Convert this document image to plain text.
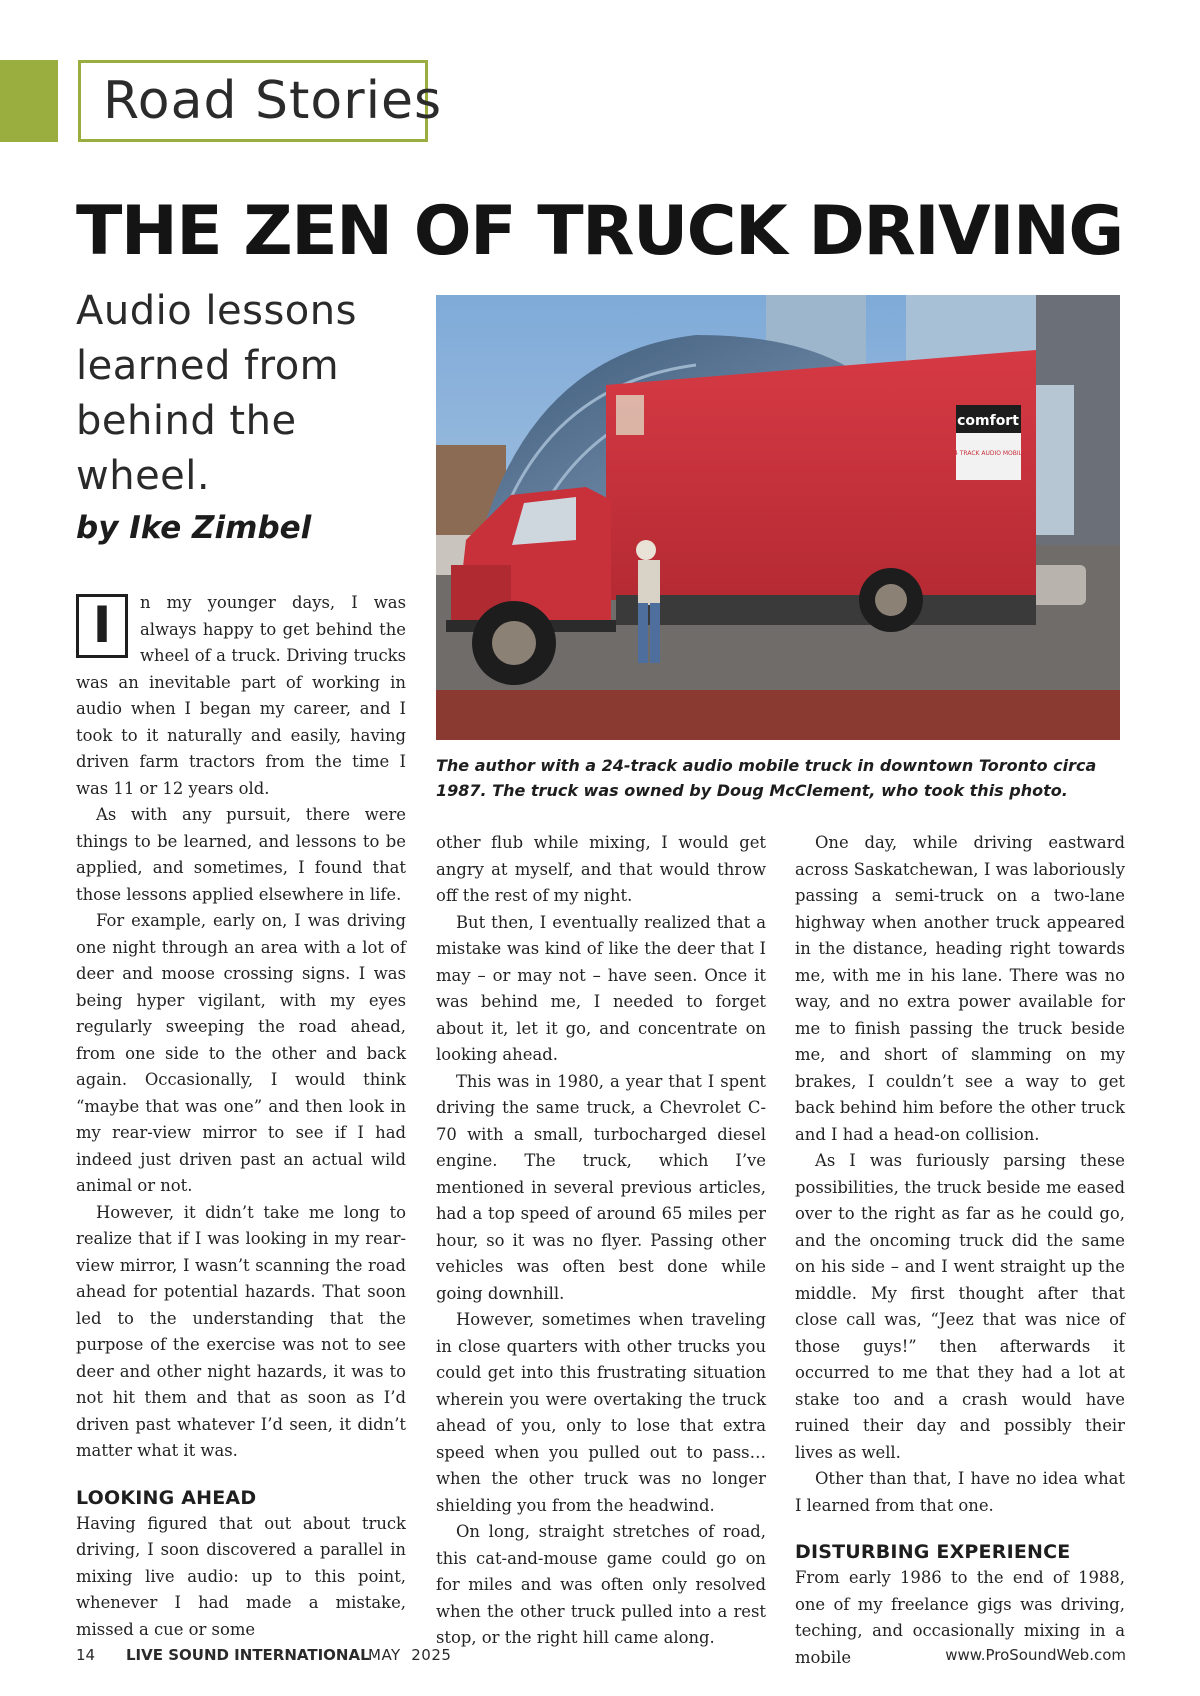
Road Stories
THE ZEN OF TRUCK DRIVING
Audio lessons learned from behind the wheel.
by Ike Zimbel
comfort
24 TRACK AUDIO MOBILE

The author with a 24-track audio mobile truck in downtown Toronto circa 1987. The truck was owned by Doug McClement, who took this photo.

I	n my younger days, I was always happy to get behind the wheel of a truck. Driving trucks was an inevitable part of working in audio when I began my career, and I took to it naturally and easily, having driven farm tractors from the time I was 11 or 12 years old.

As with any pursuit, there were things to be learned, and lessons to be applied, and sometimes, I found that those lessons applied elsewhere in life.

For example, early on, I was driving one night through an area with a lot of deer and moose crossing signs. I was being hyper vigilant, with my eyes regularly sweeping the road ahead, from one side to the other and back again. Occasionally, I would think “maybe that was one” and then look in my rear-view mirror to see if I had indeed just driven past an actual wild animal or not.

However, it didn’t take me long to realize that if I was looking in my rear-view mirror, I wasn’t scanning the road ahead for potential hazards. That soon led to the understanding that the purpose of the exercise was not to see deer and other night hazards, it was to not hit them and that as soon as I’d driven past whatever I’d seen, it didn’t matter what it was.

LOOKING AHEAD

Having figured that out about truck driving, I soon discovered a parallel in mixing live audio: up to this point, whenever I had made a mistake, missed a cue or some

other flub while mixing, I would get angry at myself, and that would throw off the rest of my night.

But then, I eventually realized that a mistake was kind of like the deer that I may – or may not – have seen. Once it was behind me, I needed to forget about it, let it go, and concentrate on looking ahead.

This was in 1980, a year that I spent driving the same truck, a Chevrolet C-70 with a small, turbocharged diesel engine. The truck, which I’ve mentioned in several previous articles, had a top speed of around 65 miles per hour, so it was no flyer. Passing other vehicles was often best done while going downhill.

However, sometimes when traveling in close quarters with other trucks you could get into this frustrating situation wherein you were overtaking the truck ahead of you, only to lose that extra speed when you pulled out to pass… when the other truck was no longer shielding you from the headwind.

On long, straight stretches of road, this cat-and-mouse game could go on for miles and was often only resolved when the other truck pulled into a rest stop, or the right hill came along.

One day, while driving eastward across Saskatchewan, I was laboriously passing a semi-truck on a two-lane highway when another truck appeared in the distance, heading right towards me, with me in his lane. There was no way, and no extra power available for me to finish passing the truck beside me, and short of slamming on my brakes, I couldn’t see a way to get back behind him before the other truck and I had a head-on collision.

As I was furiously parsing these possibilities, the truck beside me eased over to the right as far as he could go, and the oncoming truck did the same on his side – and I went straight up the middle. My first thought after that close call was, “Jeez that was nice of those guys!” then afterwards it occurred to me that they had a lot at stake too and a crash would have ruined their day and possibly their lives as well.

Other than that, I have no idea what I learned from that one.

DISTURBING EXPERIENCE

From early 1986 to the end of 1988, one of my freelance gigs was driving, teching, and occasionally mixing in a mobile

14 LIVE SOUND INTERNATIONAL
MAY  2025	www.ProSoundWeb.com
